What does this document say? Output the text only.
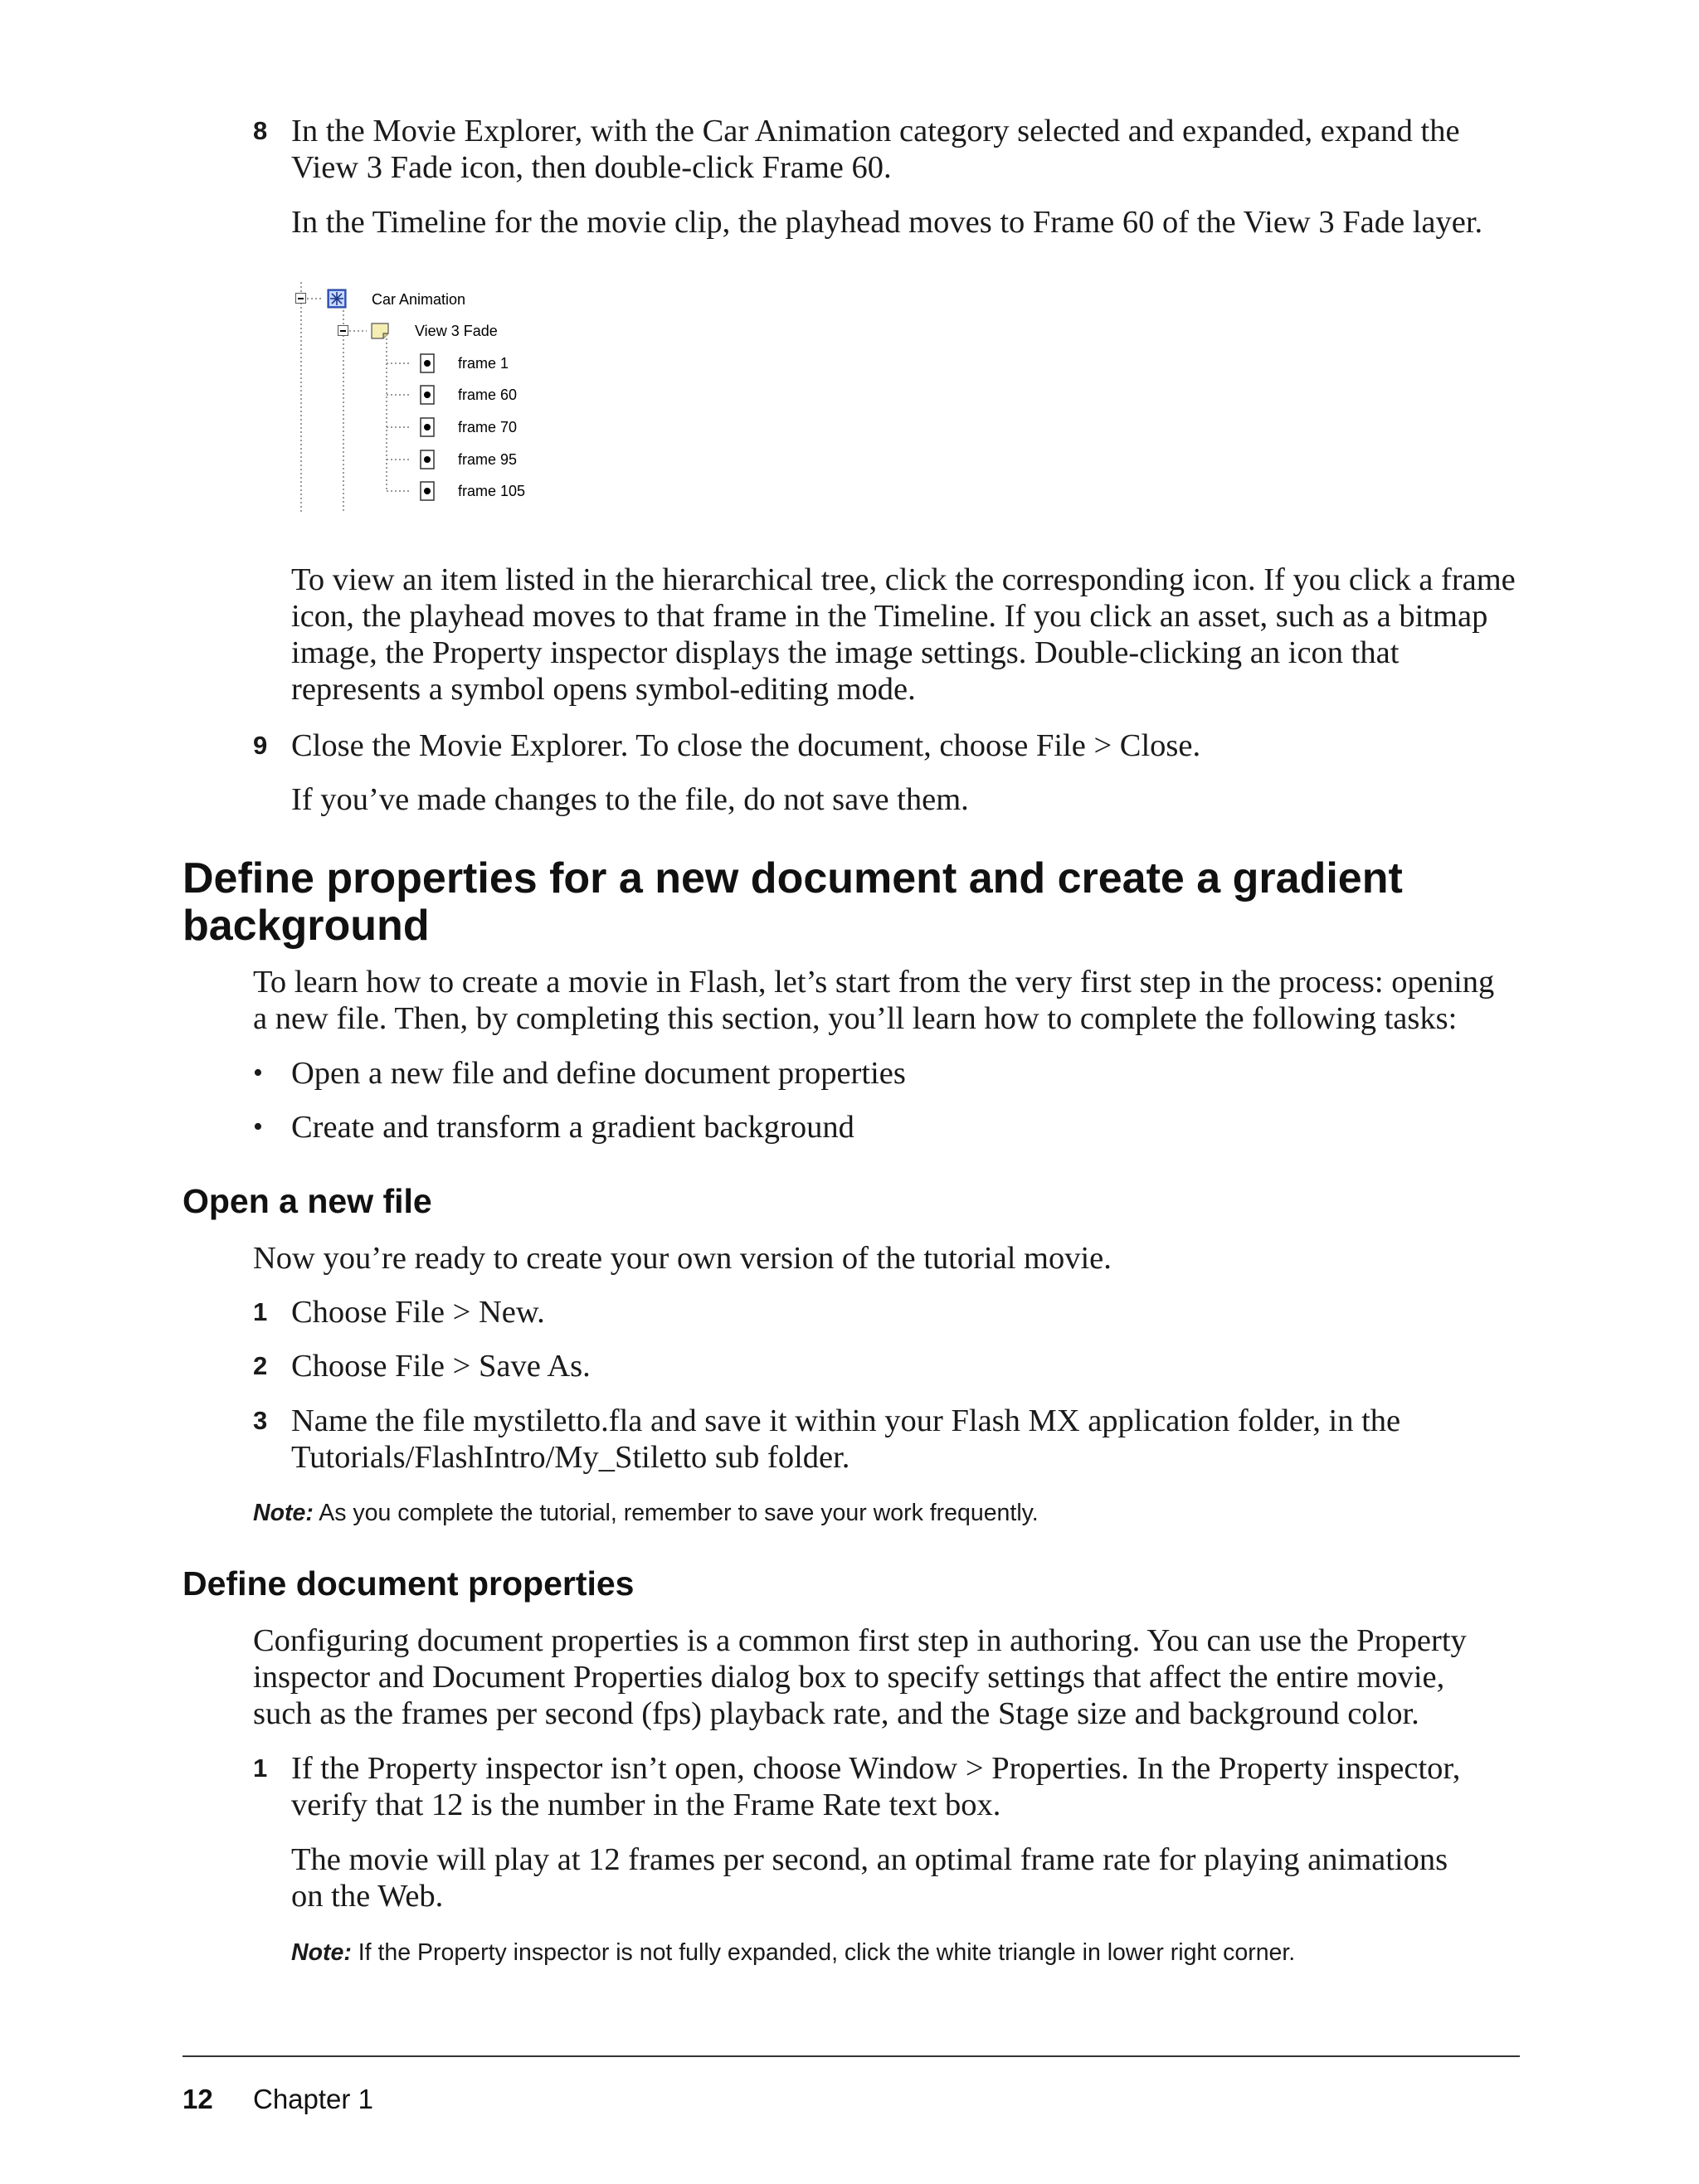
8 In the Movie Explorer, with the Car Animation category selected and expanded, expand the
View 3 Fade icon, then double-click Frame 60.
In the Timeline for the movie clip, the playhead moves to Frame 60 of the View 3 Fade layer.
Car Animation
View 3 Fade
frame 1
frame 60
frame 70
frame 95
frame 105
To view an item listed in the hierarchical tree, click the corresponding icon. If you click a frame
icon, the playhead moves to that frame in the Timeline. If you click an asset, such as a bitmap
image, the Property inspector displays the image settings. Double-clicking an icon that
represents a symbol opens symbol-editing mode.
9 Close the Movie Explorer. To close the document, choose File > Close.
If you’ve made changes to the file, do not save them.
Define properties for a new document and create a gradient
background
To learn how to create a movie in Flash, let’s start from the very first step in the process: opening
a new file. Then, by completing this section, you’ll learn how to complete the following tasks:
• Open a new file and define document properties
• Create and transform a gradient background
Open a new file
Now you’re ready to create your own version of the tutorial movie.
1 Choose File > New.
2 Choose File > Save As.
3 Name the file mystiletto.fla and save it within your Flash MX application folder, in the
Tutorials/FlashIntro/My_Stiletto sub folder.
Note: As you complete the tutorial, remember to save your work frequently.
Define document properties
Configuring document properties is a common first step in authoring. You can use the Property
inspector and Document Properties dialog box to specify settings that affect the entire movie,
such as the frames per second (fps) playback rate, and the Stage size and background color.
1 If the Property inspector isn’t open, choose Window > Properties. In the Property inspector,
verify that 12 is the number in the Frame Rate text box.
The movie will play at 12 frames per second, an optimal frame rate for playing animations
on the Web.
Note: If the Property inspector is not fully expanded, click the white triangle in lower right corner.
12 Chapter 1
